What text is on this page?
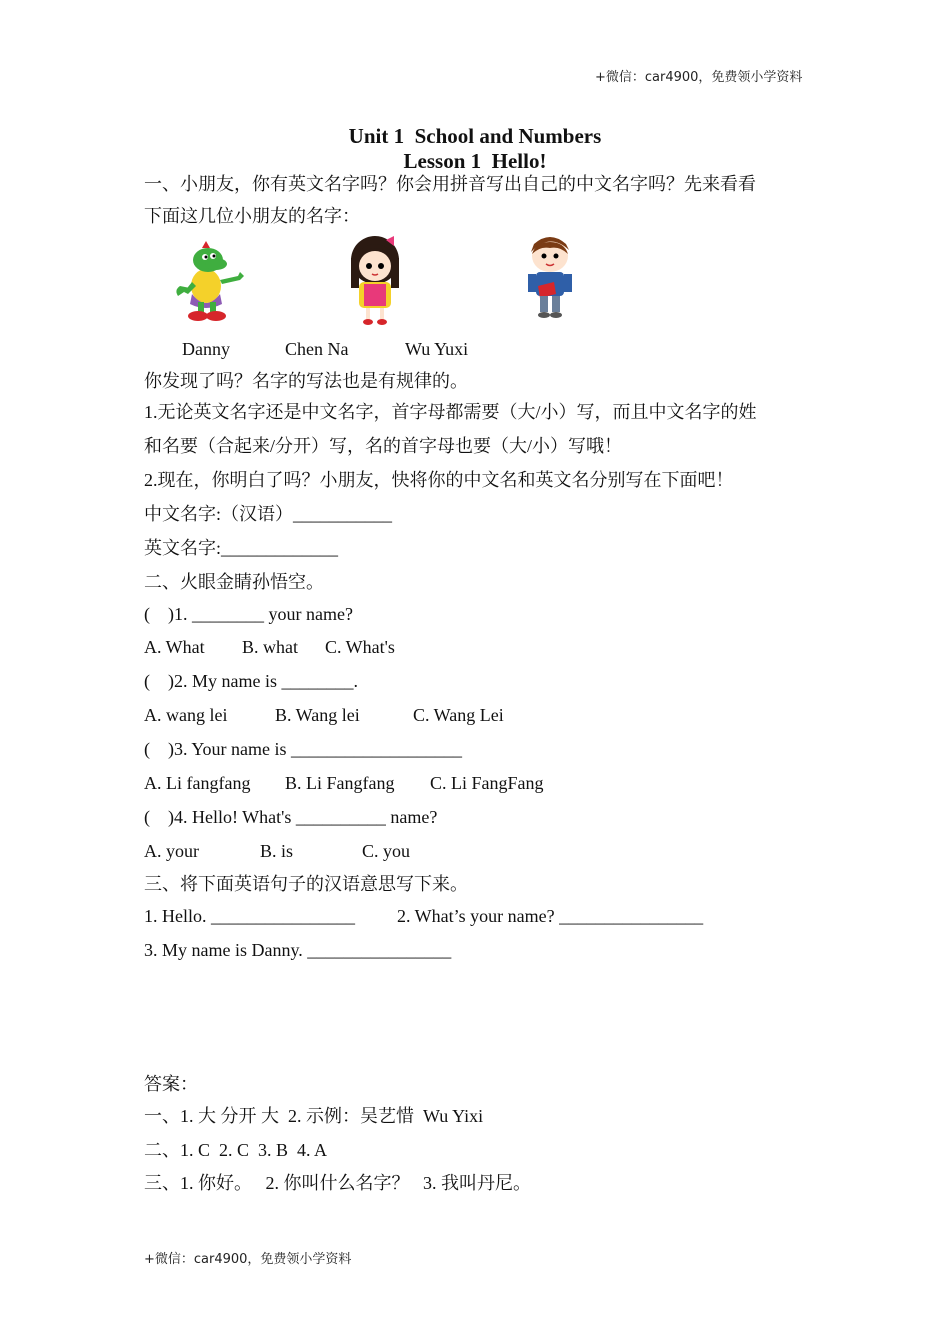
+微信：car4900，免费领小学资料
Unit 1  School and Numbers
Lesson 1  Hello!
一、小朋友，你有英文名字吗？你会用拼音写出自己的中文名字吗？先来看看
下面这几位小朋友的名字：

Danny

	Chen Na

	Wu Yuxi

你发现了吗？名字的写法也是有规律的。
1.无论英文名字还是中文名字，首字母都需要（大/小）写，而且中文名字的姓
和名要（合起来/分开）写，名的首字母也要（大/小）写哦！
2.现在，你明白了吗？小朋友，快将你的中文名和英文名分别写在下面吧！
中文名字:（汉语）___________
英文名字:_____________
二、火眼金睛孙悟空。
(    )1. ________ your name?

A. What

B. what

C. What's

(    )2. My name is ________.

A. wang lei

	B. Wang lei

	C. Wang Lei

(    )3. Your name is ___________________

A. Li fangfang

B. Li Fangfang

C. Li FangFang

(    )4. Hello! What's __________ name?

A. your

	B. is

	C. you

三、将下面英语句子的汉语意思写下来。

1. Hello. ________________

2. What’s your name? ________________

3. My name is Danny. ________________
答案：
一、1. 大 分开 大  2. 示例：吴艺惜  Wu Yixi
二、1. C  2. C  3. B  4. A
三、1. 你好。   2. 你叫什么名字？   3. 我叫丹尼。
+微信：car4900，免费领小学资料
